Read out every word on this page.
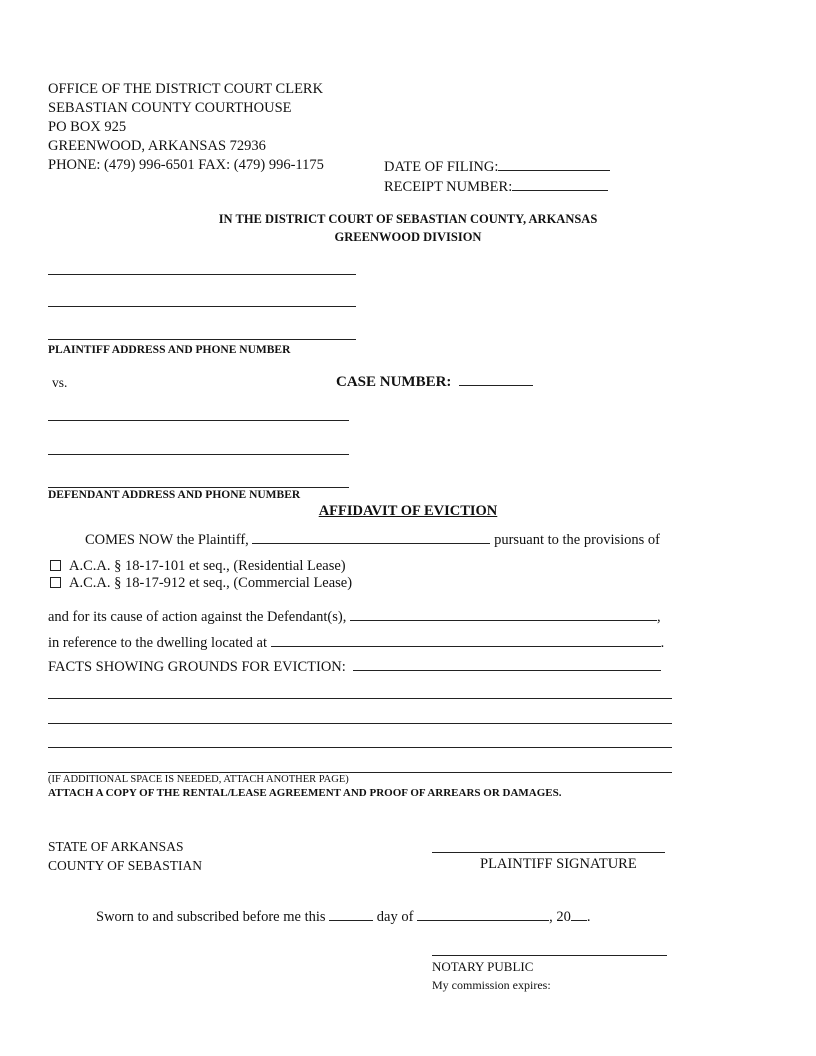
OFFICE OF THE DISTRICT COURT CLERK
SEBASTIAN COUNTY COURTHOUSE
PO BOX 925
GREENWOOD, ARKANSAS 72936
PHONE: (479) 996-6501 FAX: (479) 996-1175	DATE OF FILING:
RECEIPT NUMBER:
IN THE DISTRICT COURT OF SEBASTIAN COUNTY, ARKANSAS
GREENWOOD DIVISION
PLAINTIFF ADDRESS AND PHONE NUMBER
vs.	CASE NUMBER:
DEFENDANT ADDRESS AND PHONE NUMBER
AFFIDAVIT OF EVICTION
COMES NOW the Plaintiff,	pursuant to the provisions of
A.C.A. § 18-17-101 et seq., (Residential Lease)
A.C.A. § 18-17-912 et seq., (Commercial Lease)
and for its cause of action against the Defendant(s),	,
in reference to the dwelling located at	.
FACTS SHOWING GROUNDS FOR EVICTION:
(IF ADDITIONAL SPACE IS NEEDED, ATTACH ANOTHER PAGE)
ATTACH A COPY OF THE RENTAL/LEASE AGREEMENT AND PROOF OF ARREARS OR DAMAGES.
STATE OF ARKANSAS
COUNTY OF SEBASTIAN	PLAINTIFF SIGNATURE
Sworn to and subscribed before me this	day of	, 20 .
NOTARY PUBLIC
My commission expires:
